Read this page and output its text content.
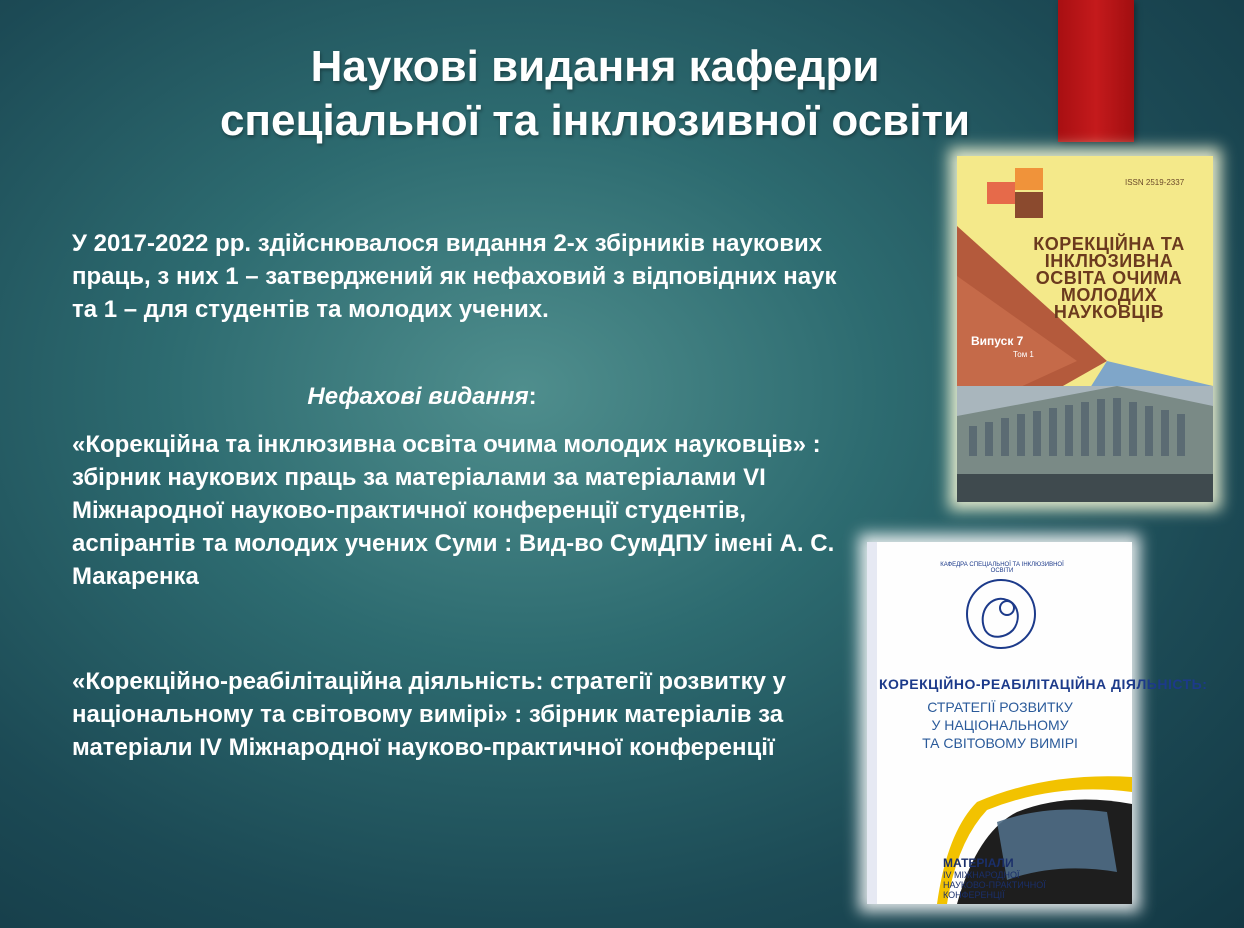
Наукові видання кафедри
спеціальної та інклюзивної освіти
У 2017-2022 рр. здійснювалося видання 2-х збірників наукових праць, з них 1 – затверджений як нефаховий з відповідних наук та 1 – для студентів та молодих учених.
Нефахові видання:
«Корекційна та інклюзивна освіта очима молодих науковців» : збірник наукових праць за матеріалами за матеріалами VI Міжнародної науково-практичної конференції студентів, аспірантів та молодих учених Суми : Вид-во СумДПУ імені А. С. Макаренка
«Корекційно-реабілітаційна діяльність: стратегії розвитку у національному та світовому вимірі» : збірник матеріалів за матеріали IV Міжнародної науково-практичної конференції
ISSN 2519-2337
КОРЕКЦІЙНА ТА ІНКЛЮЗИВНА ОСВІТА ОЧИМА МОЛОДИХ НАУКОВЦІВ
Випуск 7
Том 1
КОРЕКЦІЙНО-РЕАБІЛІТАЦІЙНА ДІЯЛЬНІСТЬ:
СТРАТЕГІЇ РОЗВИТКУ
У НАЦІОНАЛЬНОМУ
ТА СВІТОВОМУ ВИМІРІ
МАТЕРІАЛИ
IV МІЖНАРОДНОЇ
НАУКОВО-ПРАКТИЧНОЇ
КОНФЕРЕНЦІЇ
КАФЕДРА СПЕЦІАЛЬНОЇ ТА ІНКЛЮЗИВНОЇ ОСВІТИ
